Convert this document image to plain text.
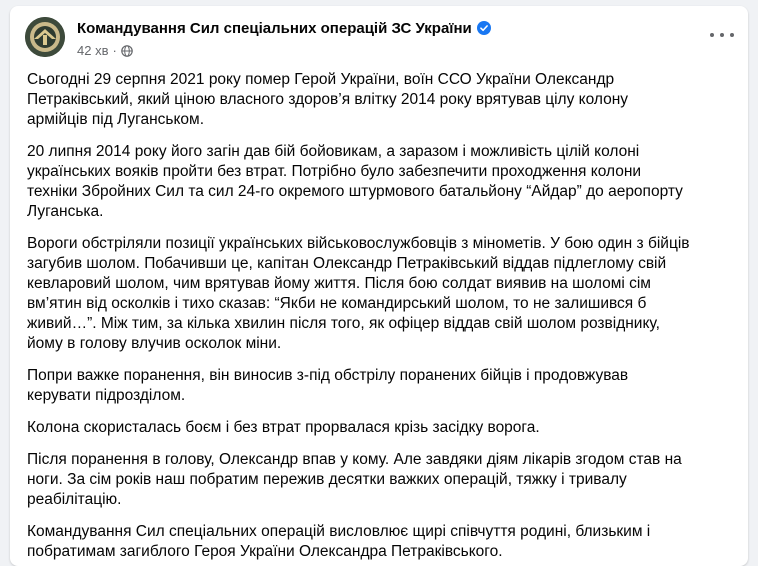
Командування Сил спеціальних операцій ЗС України
42 хв ·

Сьогодні 29 серпня 2021 року помер Герой України, воїн ССО України Олександр
Петраківський, який ціною власного здоров’я влітку 2014 року врятував цілу колону
армійців під Луганськом.

20 липня 2014 року його загін дав бій бойовикам, а заразом і можливість цілій колоні
українських вояків пройти без втрат. Потрібно було забезпечити проходження колони
техніки Збройних Сил та сил 24-го окремого штурмового батальйону “Айдар” до аеропорту
Луганська.

Вороги обстріляли позиції українських військовослужбовців з мінометів. У бою один з бійців
загубив шолом. Побачивши це, капітан Олександр Петраківський віддав підлеглому свій
кевларовий шолом, чим врятував йому життя. Після бою солдат виявив на шоломі сім
вм’ятин від осколків і тихо сказав: “Якби не командирський шолом, то не залишився б
живий…”. Між тим, за кілька хвилин після того, як офіцер віддав свій шолом розвіднику,
йому в голову влучив осколок міни.

Попри важке поранення, він виносив з-під обстрілу поранених бійців і продовжував
керувати підрозділом.

Колона скористалась боєм і без втрат прорвалася крізь засідку ворога.

Після поранення в голову, Олександр впав у кому. Але завдяки діям лікарів згодом став на
ноги. За сім років наш побратим пережив десятки важких операцій, тяжку і тривалу
реабілітацію.

Командування Сил спеціальних операцій висловлює щирі співчуття родині, близьким і
побратимам загиблого Героя України Олександра Петраківського.
